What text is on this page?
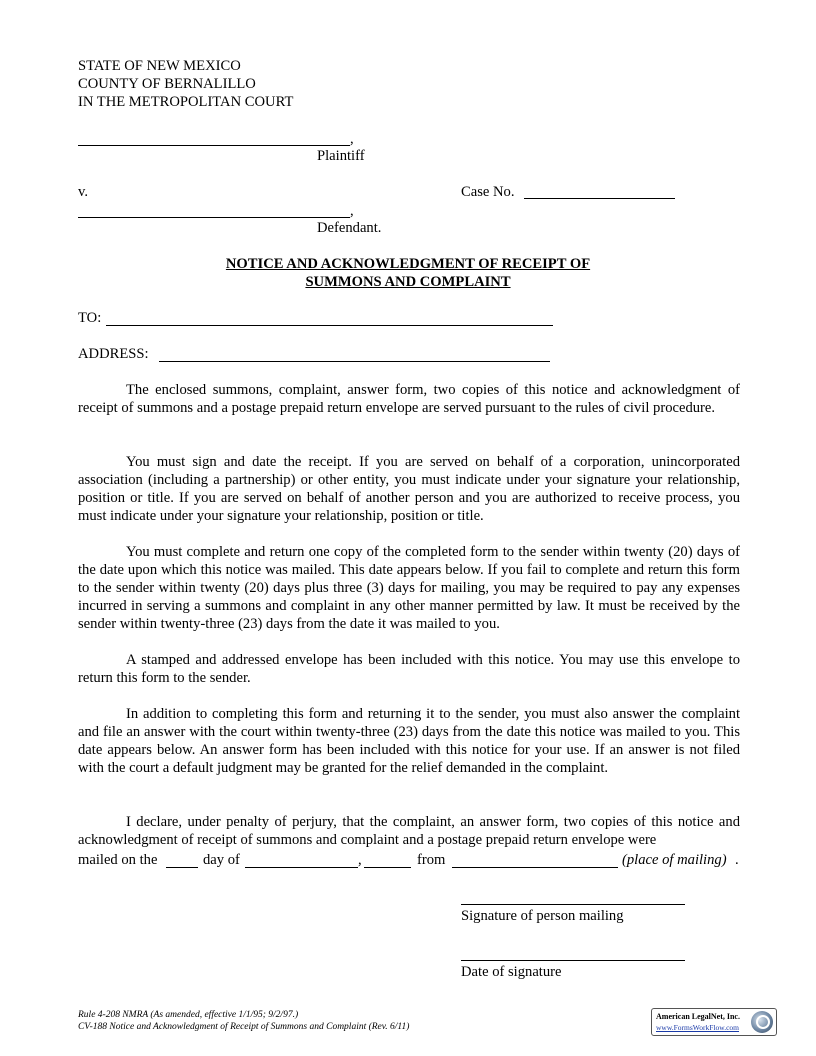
STATE OF NEW MEXICO
COUNTY OF BERNALILLO
IN THE METROPOLITAN COURT
,
Plaintiff
v.	Case No.
,
Defendant.
NOTICE AND ACKNOWLEDGMENT OF RECEIPT OF
SUMMONS AND COMPLAINT
TO:
ADDRESS:

The enclosed summons, complaint, answer form, two copies of this notice and acknowledgment of receipt of summons and a postage prepaid return envelope are served pursuant to the rules of civil procedure.

You must sign and date the receipt. If you are served on behalf of a corporation, unincorporated association (including a partnership) or other entity, you must indicate under your signature your relationship, position or title. If you are served on behalf of another person and you are authorized to receive process, you must indicate under your signature your relationship, position or title.

You must complete and return one copy of the completed form to the sender within twenty (20) days of the date upon which this notice was mailed. This date appears below. If you fail to complete and return this form to the sender within twenty (20) days plus three (3) days for mailing, you may be required to pay any expenses incurred in serving a summons and complaint in any other manner permitted by law. It must be received by the sender within twenty-three (23) days from the date it was mailed to you.

A stamped and addressed envelope has been included with this notice. You may use this envelope to return this form to the sender.

In addition to completing this form and returning it to the sender, you must also answer the complaint and file an answer with the court within twenty-three (23) days from the date this notice was mailed to you. This date appears below. An answer form has been included with this notice for your use. If an answer is not filed with the court a default judgment may be granted for the relief demanded in the complaint.

I declare, under penalty of perjury, that the complaint, an answer form, two copies of this notice and acknowledgment of receipt of summons and complaint and a postage prepaid return envelope were

mailed on the	day of	,	from	(place of mailing) .
Signature of person mailing
Date of signature
Rule 4-208 NMRA (As amended, effective 1/1/95; 9/2/97.)
CV-188 Notice and Acknowledgment of Receipt of Summons and Complaint (Rev. 6/11)
American LegalNet, Inc.
www.FormsWorkFlow.com
